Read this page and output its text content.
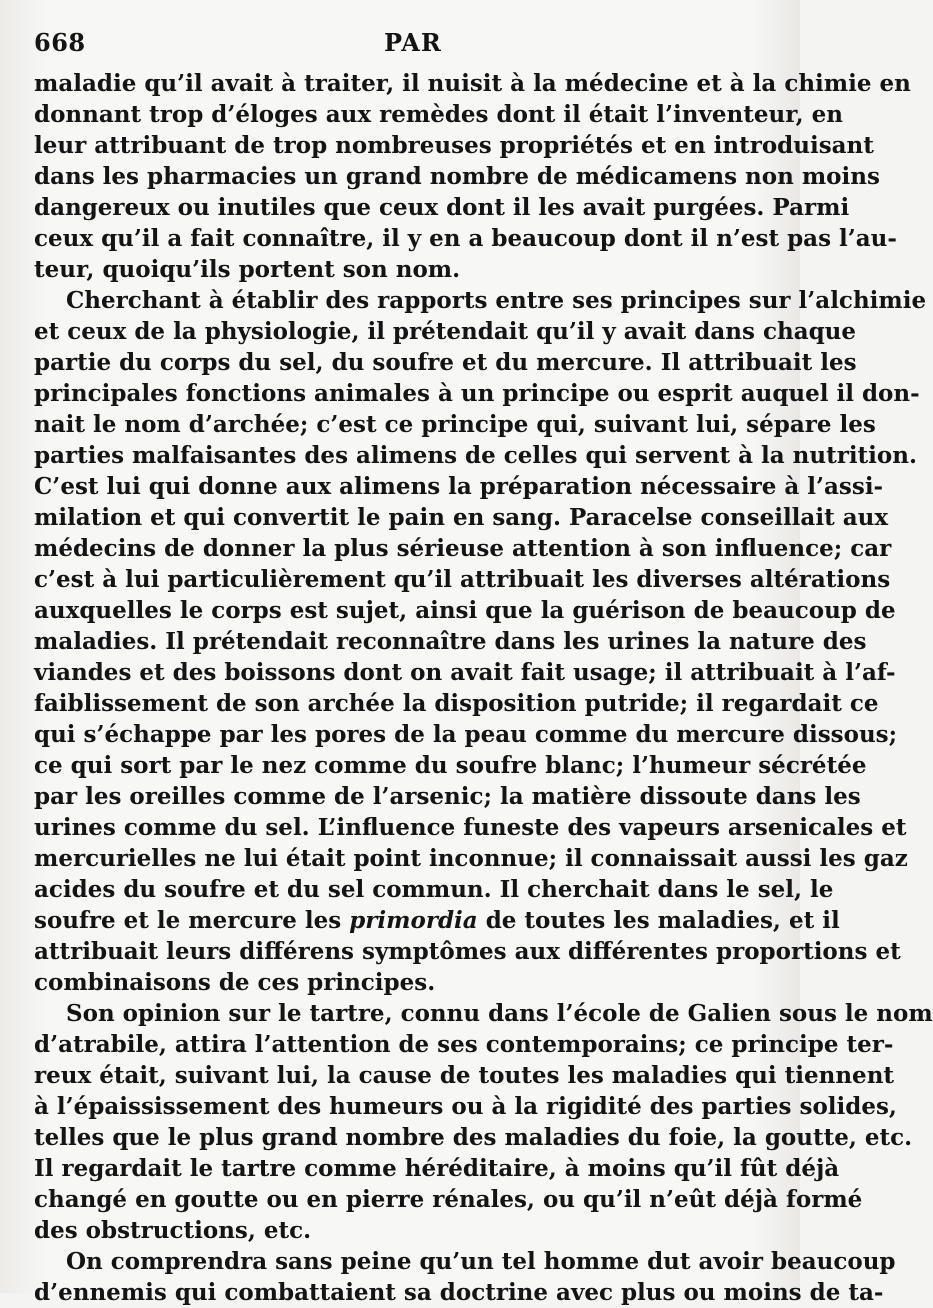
668	PAR
maladie qu’il avait à traiter, il nuisit à la médecine et à la chimie en
donnant trop d’éloges aux remèdes dont il était l’inventeur, en
leur attribuant de trop nombreuses propriétés et en introduisant
dans les pharmacies un grand nombre de médicamens non moins
dangereux ou inutiles que ceux dont il les avait purgées. Parmi
ceux qu’il a fait connaître, il y en a beaucoup dont il n’est pas l’au-
teur, quoiqu’ils portent son nom.
Cherchant à établir des rapports entre ses principes sur l’alchimie
et ceux de la physiologie, il prétendait qu’il y avait dans chaque
partie du corps du sel, du soufre et du mercure. Il attribuait les
principales fonctions animales à un principe ou esprit auquel il don-
nait le nom d’archée; c’est ce principe qui, suivant lui, sépare les
parties malfaisantes des alimens de celles qui servent à la nutrition.
C’est lui qui donne aux alimens la préparation nécessaire à l’assi-
milation et qui convertit le pain en sang. Paracelse conseillait aux
médecins de donner la plus sérieuse attention à son influence; car
c’est à lui particulièrement qu’il attribuait les diverses altérations
auxquelles le corps est sujet, ainsi que la guérison de beaucoup de
maladies. Il prétendait reconnaître dans les urines la nature des
viandes et des boissons dont on avait fait usage; il attribuait à l’af-
faiblissement de son archée la disposition putride; il regardait ce
qui s’échappe par les pores de la peau comme du mercure dissous;
ce qui sort par le nez comme du soufre blanc; l’humeur sécrétée
par les oreilles comme de l’arsenic; la matière dissoute dans les
urines comme du sel. L’influence funeste des vapeurs arsenicales et
mercurielles ne lui était point inconnue; il connaissait aussi les gaz
acides du soufre et du sel commun. Il cherchait dans le sel, le
soufre et le mercure les primordia de toutes les maladies, et il
attribuait leurs différens symptômes aux différentes proportions et
combinaisons de ces principes.
Son opinion sur le tartre, connu dans l’école de Galien sous le nom
d’atrabile, attira l’attention de ses contemporains; ce principe ter-
reux était, suivant lui, la cause de toutes les maladies qui tiennent
à l’épaississement des humeurs ou à la rigidité des parties solides,
telles que le plus grand nombre des maladies du foie, la goutte, etc.
Il regardait le tartre comme héréditaire, à moins qu’il fût déjà
changé en goutte ou en pierre rénales, ou qu’il n’eût déjà formé
des obstructions, etc.
On comprendra sans peine qu’un tel homme dut avoir beaucoup
d’ennemis qui combattaient sa doctrine avec plus ou moins de ta-
